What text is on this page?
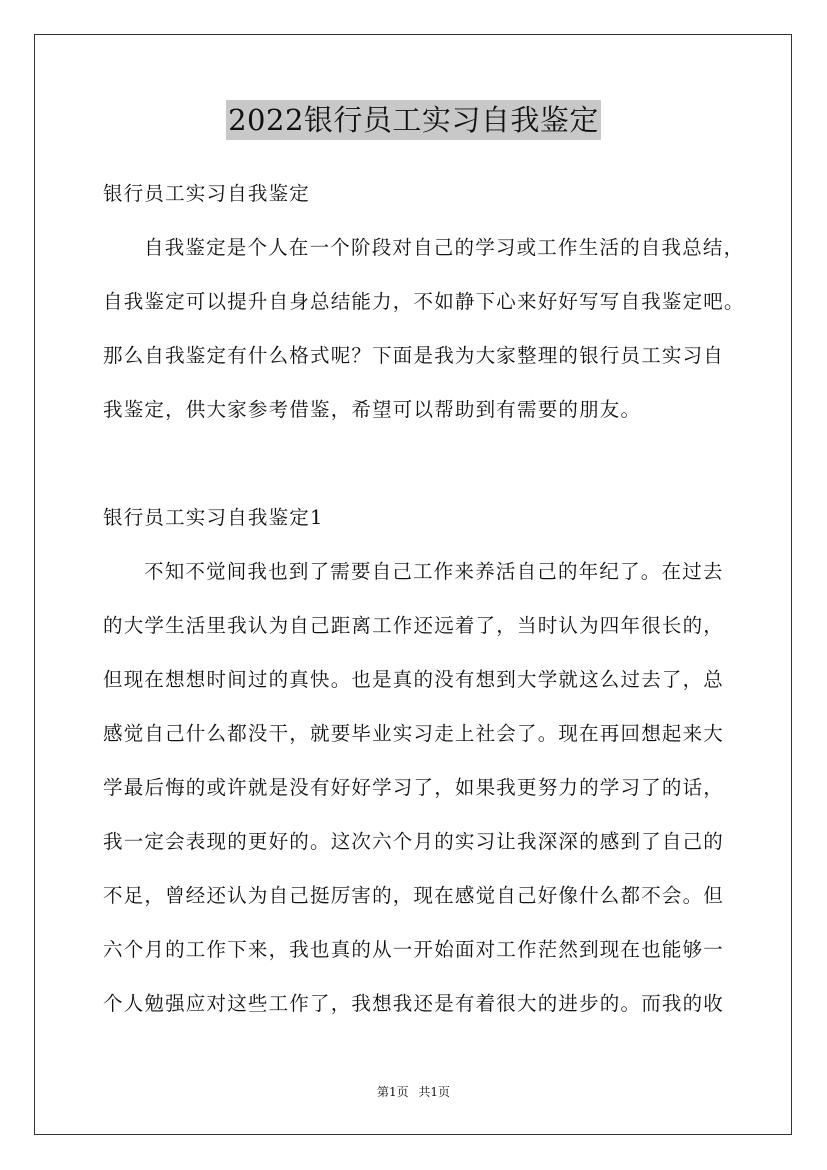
2022银行员工实习自我鉴定
银行员工实习自我鉴定
自我鉴定是个人在一个阶段对自己的学习或工作生活的自我总结，
自我鉴定可以提升自身总结能力，不如静下心来好好写写自我鉴定吧。
那么自我鉴定有什么格式呢？下面是我为大家整理的银行员工实习自
我鉴定，供大家参考借鉴，希望可以帮助到有需要的朋友。
银行员工实习自我鉴定1
不知不觉间我也到了需要自己工作来养活自己的年纪了。在过去
的大学生活里我认为自己距离工作还远着了，当时认为四年很长的，
但现在想想时间过的真快。也是真的没有想到大学就这么过去了，总
感觉自己什么都没干，就要毕业实习走上社会了。现在再回想起来大
学最后悔的或许就是没有好好学习了，如果我更努力的学习了的话，
我一定会表现的更好的。这次六个月的实习让我深深的感到了自己的
不足，曾经还认为自己挺厉害的，现在感觉自己好像什么都不会。但
六个月的工作下来，我也真的从一开始面对工作茫然到现在也能够一
个人勉强应对这些工作了，我想我还是有着很大的进步的。而我的收
第1页 共1页
